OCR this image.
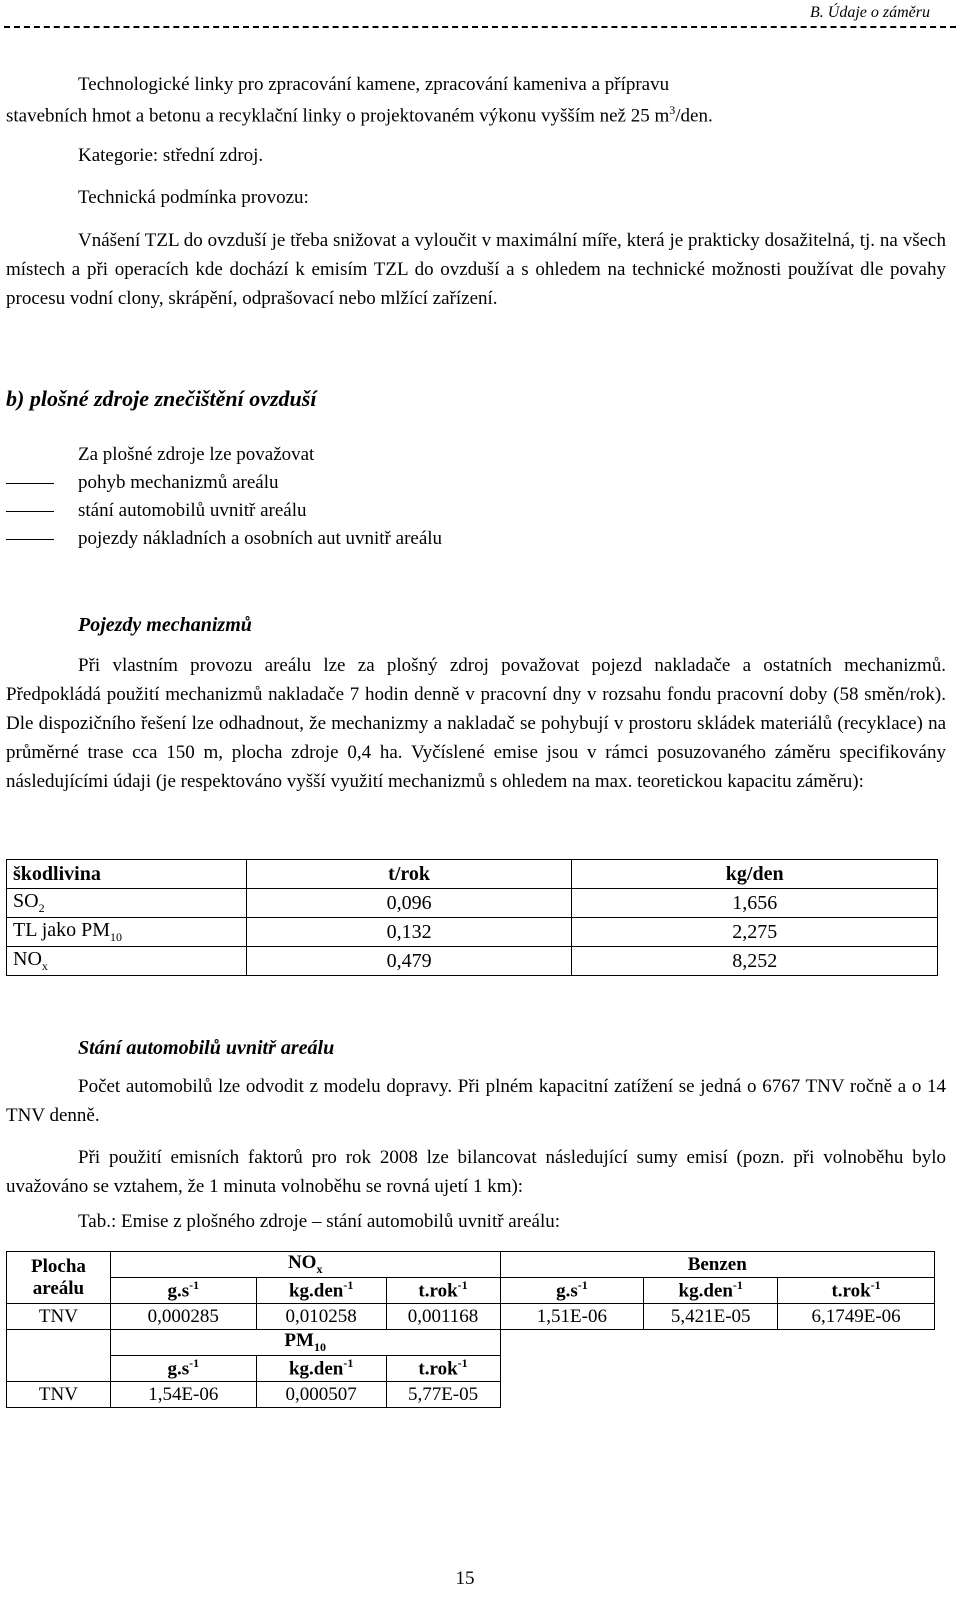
B. Údaje o záměru
Technologické linky pro zpracování kamene, zpracování kameniva a přípravu
stavebních hmot a betonu a recyklační linky o projektovaném výkonu vyšším než 25 $m^3$/den.
Kategorie: střední zdroj.
Technická podmínka provozu:

Vnášení TZL do ovzduší je třeba snižovat a vyloučit v maximální míře, která je prakticky dosažitelná, tj. na všech místech a při operacích kde dochází k emisím TZL do ovzduší a s ohledem na technické možnosti používat dle povahy procesu vodní clony, skrápění, odprašovací nebo mlžící zařízení.

b) plošné zdroje znečištění ovzduší
Za plošné zdroje lze považovat
pohyb mechanizmů areálu
stání automobilů uvnitř areálu
pojezdy nákladních a osobních aut uvnitř areálu
Pojezdy mechanizmů

Při vlastním provozu areálu lze za plošný zdroj považovat pojezd nakladače a ostatních mechanizmů. Předpokládá použití mechanizmů nakladače 7 hodin denně v pracovní dny v rozsahu fondu pracovní doby (58 směn/rok). Dle dispozičního řešení lze odhadnout, že mechanizmy a nakladač se pohybují v prostoru skládek materiálů (recyklace) na průměrné trase cca 150 m, plocha zdroje 0,4 ha. Vyčíslené emise jsou v rámci posuzovaného záměru specifikovány následujícími údaji (je respektováno vyšší využití mechanizmů s ohledem na max. teoretickou kapacitu záměru):

škodlivina	t/rok	kg/den
$SO_2$	0,096	1,656
TL jako $PM_{10}$	0,132	2,275
$NO_x$	0,479	8,252
Stání automobilů uvnitř areálu

Počet automobilů lze odvodit z modelu dopravy. Při plném kapacitní zatížení se jedná o 6767 TNV ročně a o 14 TNV denně.

Při použití emisních faktorů pro rok 2008 lze bilancovat následující sumy emisí (pozn. při volnoběhu bylo uvažováno se vztahem, že 1 minuta volnoběhu se rovná ujetí 1 km):

Tab.: Emise z plošného zdroje – stání automobilů uvnitř areálu:
Plocha
areálu	$NO_x$			Benzen		
	$g.s^{-1}$	kg.den$^{-1}$	t.rok$^{-1}$	$g.s^{-1}$	kg.den$^{-1}$	t.rok$^{-1}$
TNV	0,000285	0,010258	0,001168	1,51E-06	5,421E-05	6,1749E-06
	$PM_{10}$	
	$g.s^{-1}$	kg.den$^{-1}$	t.rok$^{-1}$
TNV	1,54E-06	0,000507	5,77E-05			
15
